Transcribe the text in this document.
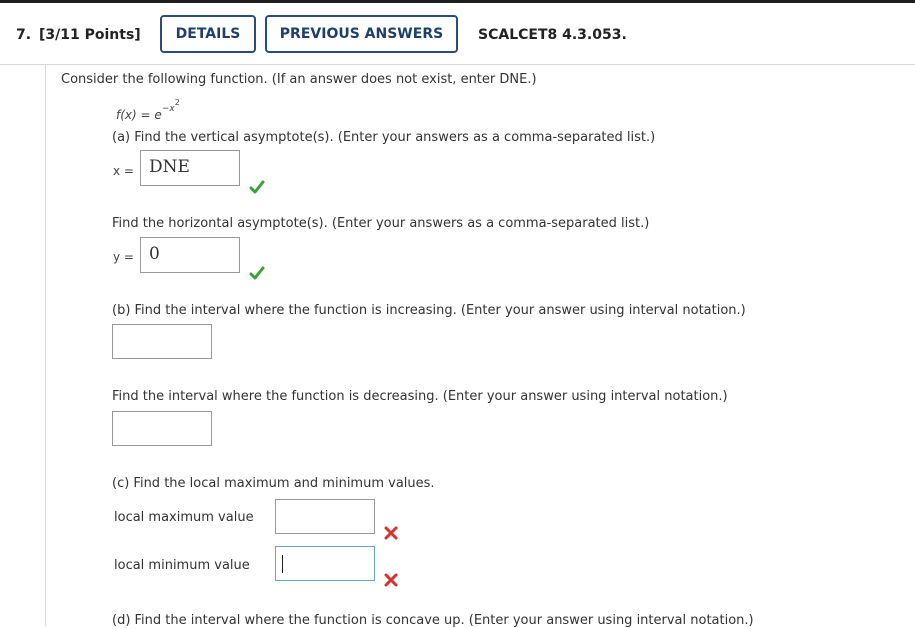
7. [3/11 Points]	DETAILS	PREVIOUS ANSWERS	SCALCET8 4.3.053.
Consider the following function. (If an answer does not exist, enter DNE.)
$f(x) = e^{-x^2}$
(a) Find the vertical asymptote(s). (Enter your answers as a comma-separated list.)
x = DNE
Find the horizontal asymptote(s). (Enter your answers as a comma-separated list.)
y = 0
(b) Find the interval where the function is increasing. (Enter your answer using interval notation.)
Find the interval where the function is decreasing. (Enter your answer using interval notation.)
(c) Find the local maximum and minimum values.
local maximum value
local minimum value
(d) Find the interval where the function is concave up. (Enter your answer using interval notation.)
